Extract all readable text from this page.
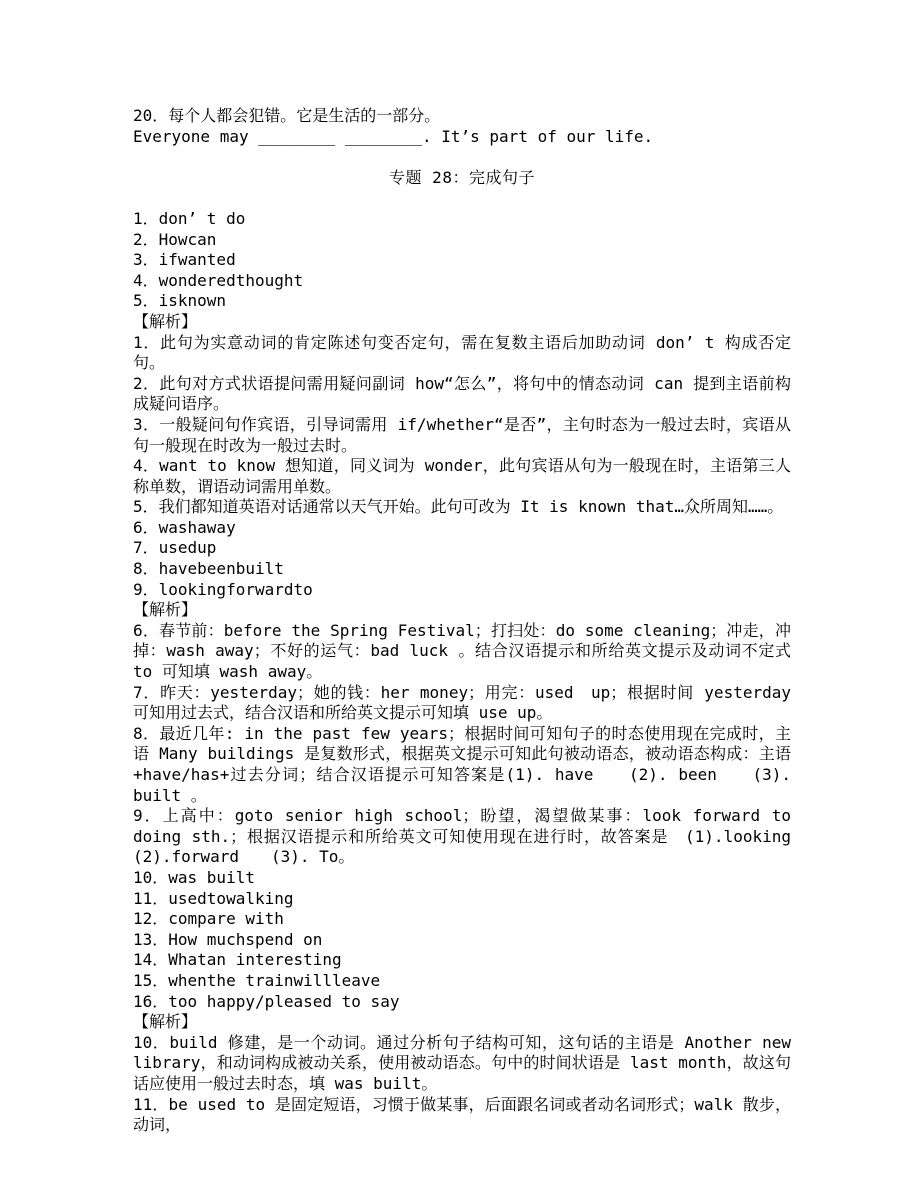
20．每个人都会犯错。它是生活的一部分。

Everyone may ________ ________. It’s part of our life.

专题 28：完成句子

1．don’ t do

2．Howcan

3．ifwanted

4．wonderedthought

5．isknown

【解析】

1．此句为实意动词的肯定陈述句变否定句，需在复数主语后加助动词 don’ t 构成否定句。

2．此句对方式状语提问需用疑问副词 how“怎么”，将句中的情态动词 can 提到主语前构成疑问语序。

3．一般疑问句作宾语，引导词需用 if/whether“是否”，主句时态为一般过去时，宾语从句一般现在时改为一般过去时。

4．want to know 想知道，同义词为 wonder，此句宾语从句为一般现在时，主语第三人称单数，谓语动词需用单数。

5．我们都知道英语对话通常以天气开始。此句可改为 It is known that…众所周知……。

6．washaway

7．usedup

8．havebeenbuilt

9．lookingforwardto

【解析】

6．春节前：before the Spring Festival；打扫处：do some cleaning；冲走，冲掉：wash away；不好的运气：bad luck 。结合汉语提示和所给英文提示及动词不定式 to 可知填 wash away。

7．昨天：yesterday；她的钱：her money；用完：used　up；根据时间 yesterday 可知用过去式，结合汉语和所给英文提示可知填 use up。

8．最近几年: in the past few years；根据时间可知句子的时态使用现在完成时，主语 Many buildings 是复数形式，根据英文提示可知此句被动语态，被动语态构成：主语+have/has+过去分词；结合汉语提示可知答案是(1). have　　(2). been　　(3). built 。

9．上高中：goto senior high school；盼望，渴望做某事：look forward to doing sth.；根据汉语提示和所给英文可知使用现在进行时，故答案是　(1).looking　　(2).forward　　(3). To。

10．was built

11．usedtowalking

12．compare with

13．How muchspend on

14．Whatan interesting

15．whenthe trainwillleave

16．too happy/pleased to say

【解析】

10．build 修建，是一个动词。通过分析句子结构可知，这句话的主语是 Another new library，和动词构成被动关系，使用被动语态。句中的时间状语是 last month，故这句话应使用一般过去时态，填 was built。

11．be used to 是固定短语，习惯于做某事，后面跟名词或者动名词形式；walk 散步，动词，
